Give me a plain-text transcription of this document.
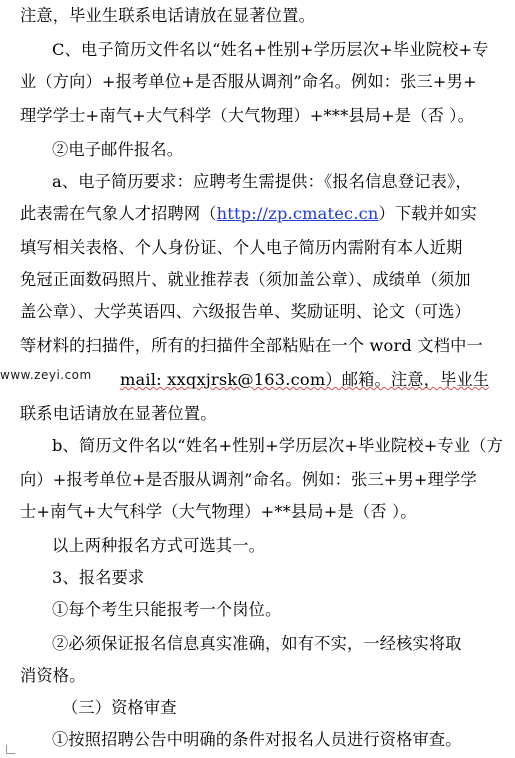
注意，毕业生联系电话请放在显著位置。
C、电子简历文件名以“姓名+性别+学历层次+毕业院校+专
业（方向）+报考单位+是否服从调剂”命名。例如：张三+男+
理学学士+南气+大气科学（大气物理）+***县局+是（否 ）。
②电子邮件报名。
a、电子简历要求：应聘考生需提供：《报名信息登记表》，
此表需在气象人才招聘网（http://zp.cmatec.cn）下载并如实
填写相关表格、个人身份证、个人电子简历内需附有本人近期
免冠正面数码照片、就业推荐表（须加盖公章）、成绩单（须加
盖公章）、大学英语四、六级报告单、奖励证明、论文（可选）
等材料的扫描件，所有的扫描件全部粘贴在一个 word 文档中一
mail: xxqxjrsk@163.com）邮箱。注意，毕业生
www.zeyi.com
联系电话请放在显著位置。
b、简历文件名以“姓名+性别+学历层次+毕业院校+专业（方
向）+报考单位+是否服从调剂”命名。例如：张三+男+理学学
士+南气+大气科学（大气物理）+**县局+是（否 ）。
以上两种报名方式可选其一。
3、报名要求
①每个考生只能报考一个岗位。
②必须保证报名信息真实准确，如有不实，一经核实将取
消资格。
（三）资格审查
①按照招聘公告中明确的条件对报名人员进行资格审查。
